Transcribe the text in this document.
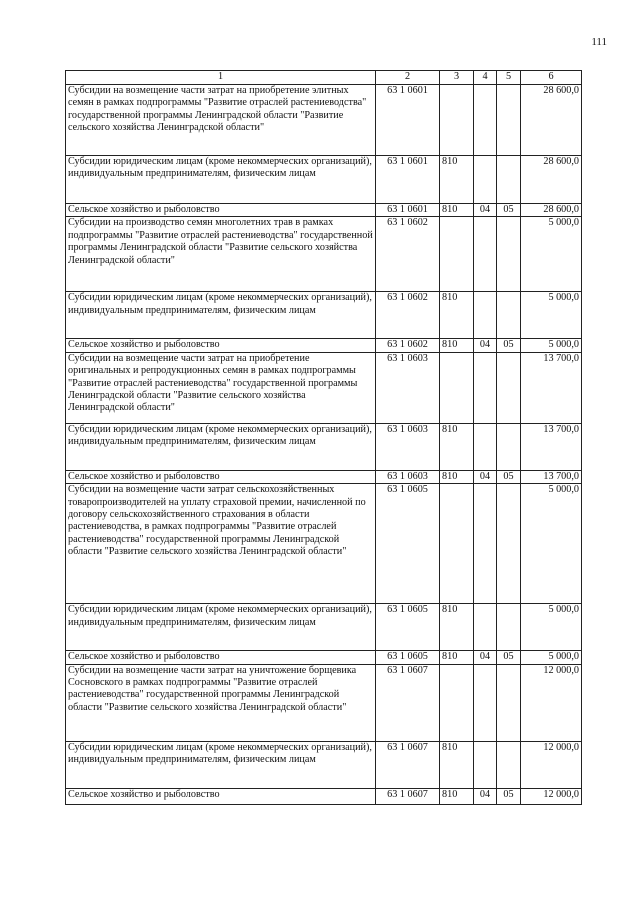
111
1	2	3	4	5	6
Субсидии на возмещение части затрат на приобретение элитных семян в рамках подпрограммы "Развитие отраслей растениеводства" государственной программы Ленинградской области "Развитие сельского хозяйства Ленинградской области"	63 1 0601				28 600,0
Субсидии юридическим лицам (кроме некоммерческих организаций), индивидуальным предпринимателям, физическим лицам	63 1 0601	810			28 600,0
Сельское хозяйство и рыболовство	63 1 0601	810	04	05	28 600,0
Субсидии на производство семян многолетних трав в рамках подпрограммы "Развитие отраслей растениеводства" государственной программы Ленинградской области "Развитие сельского хозяйства Ленинградской области"	63 1 0602				5 000,0
Субсидии юридическим лицам (кроме некоммерческих организаций), индивидуальным предпринимателям, физическим лицам	63 1 0602	810			5 000,0
Сельское хозяйство и рыболовство	63 1 0602	810	04	05	5 000,0
Субсидии на возмещение части затрат на приобретение оригинальных и репродукционных семян в рамках подпрограммы "Развитие отраслей растениеводства" государственной программы Ленинградской области "Развитие сельского хозяйства Ленинградской области"	63 1 0603				13 700,0
Субсидии юридическим лицам (кроме некоммерческих организаций), индивидуальным предпринимателям, физическим лицам	63 1 0603	810			13 700,0
Сельское хозяйство и рыболовство	63 1 0603	810	04	05	13 700,0
Субсидии на возмещение части затрат сельскохозяйственных товаропроизводителей на уплату страховой премии, начисленной по договору сельскохозяйственного страхования в области растениеводства, в рамках подпрограммы "Развитие отраслей растениеводства" государственной программы Ленинградской области "Развитие сельского хозяйства Ленинградской области"	63 1 0605				5 000,0
Субсидии юридическим лицам (кроме некоммерческих организаций), индивидуальным предпринимателям, физическим лицам	63 1 0605	810			5 000,0
Сельское хозяйство и рыболовство	63 1 0605	810	04	05	5 000,0
Субсидии на возмещение части затрат на уничтожение борщевика Сосновского в рамках подпрограммы "Развитие отраслей растениеводства" государственной программы Ленинградской области "Развитие сельского хозяйства Ленинградской области"	63 1 0607				12 000,0
Субсидии юридическим лицам (кроме некоммерческих организаций), индивидуальным предпринимателям, физическим лицам	63 1 0607	810			12 000,0
Сельское хозяйство и рыболовство	63 1 0607	810	04	05	12 000,0
